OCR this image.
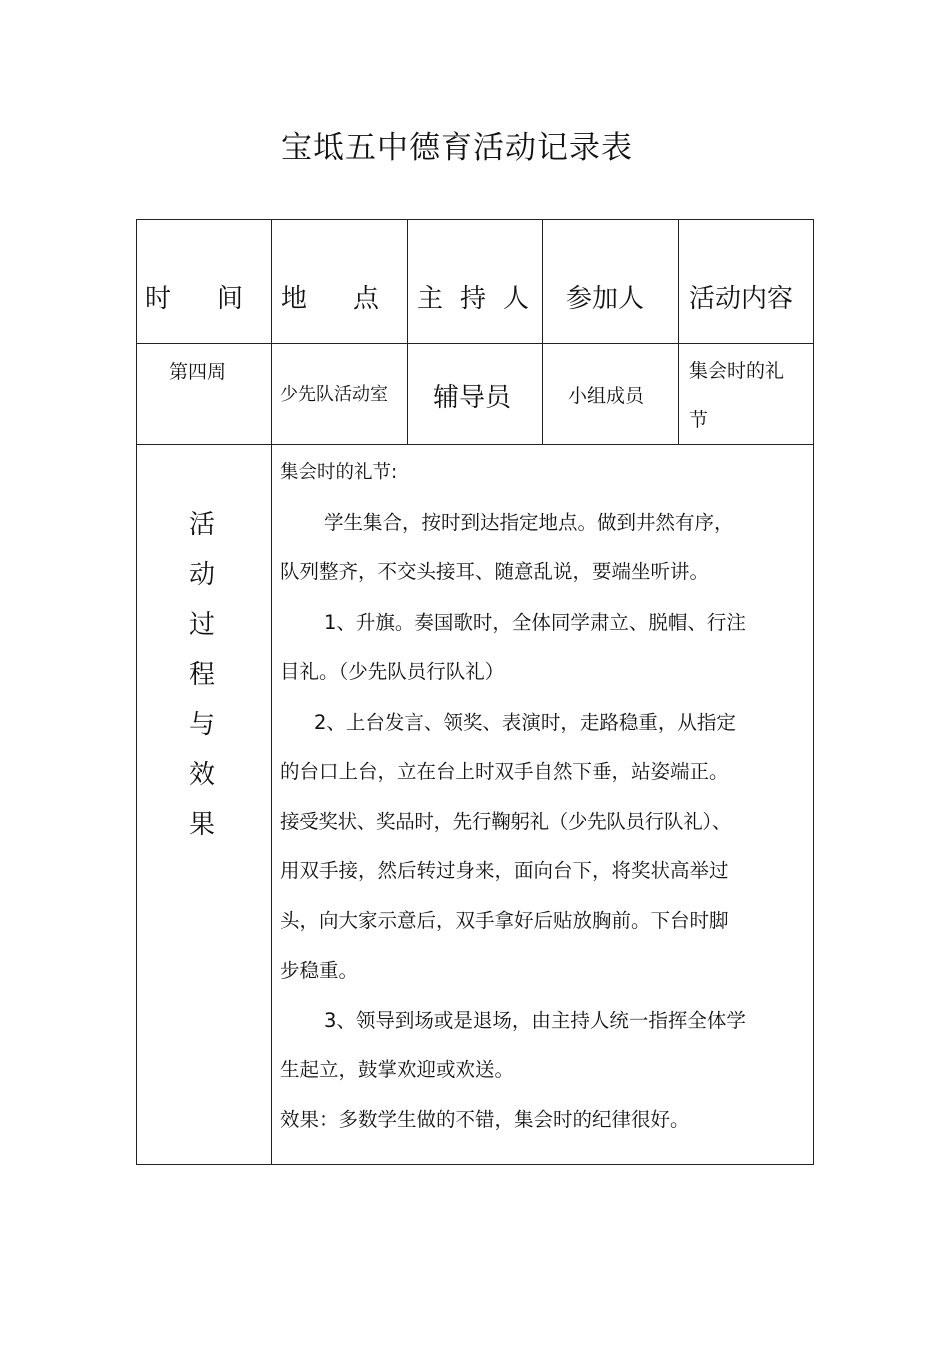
宝坻五中德育活动记录表
时 间 地 点 主 持 人 参加人 活动内容
第四周
少先队活动室 辅导员	小组成员
集会时的礼
节
活
动
过
程
与
效
果
集会时的礼节:
学生集合，按时到达指定地点。做到井然有序，
队列整齐，不交头接耳、随意乱说，要端坐听讲。
1、升旗。奏国歌时，全体同学肃立、脱帽、行注
目礼。（少先队员行队礼）
2、上台发言、领奖、表演时，走路稳重，从指定
的台口上台，立在台上时双手自然下垂，站姿端正。
接受奖状、奖品时，先行鞠躬礼（少先队员行队礼）、
用双手接，然后转过身来，面向台下，将奖状高举过
头，向大家示意后，双手拿好后贴放胸前。下台时脚
步稳重。
3、领导到场或是退场，由主持人统一指挥全体学
生起立，鼓掌欢迎或欢送。
效果：多数学生做的不错，集会时的纪律很好。
